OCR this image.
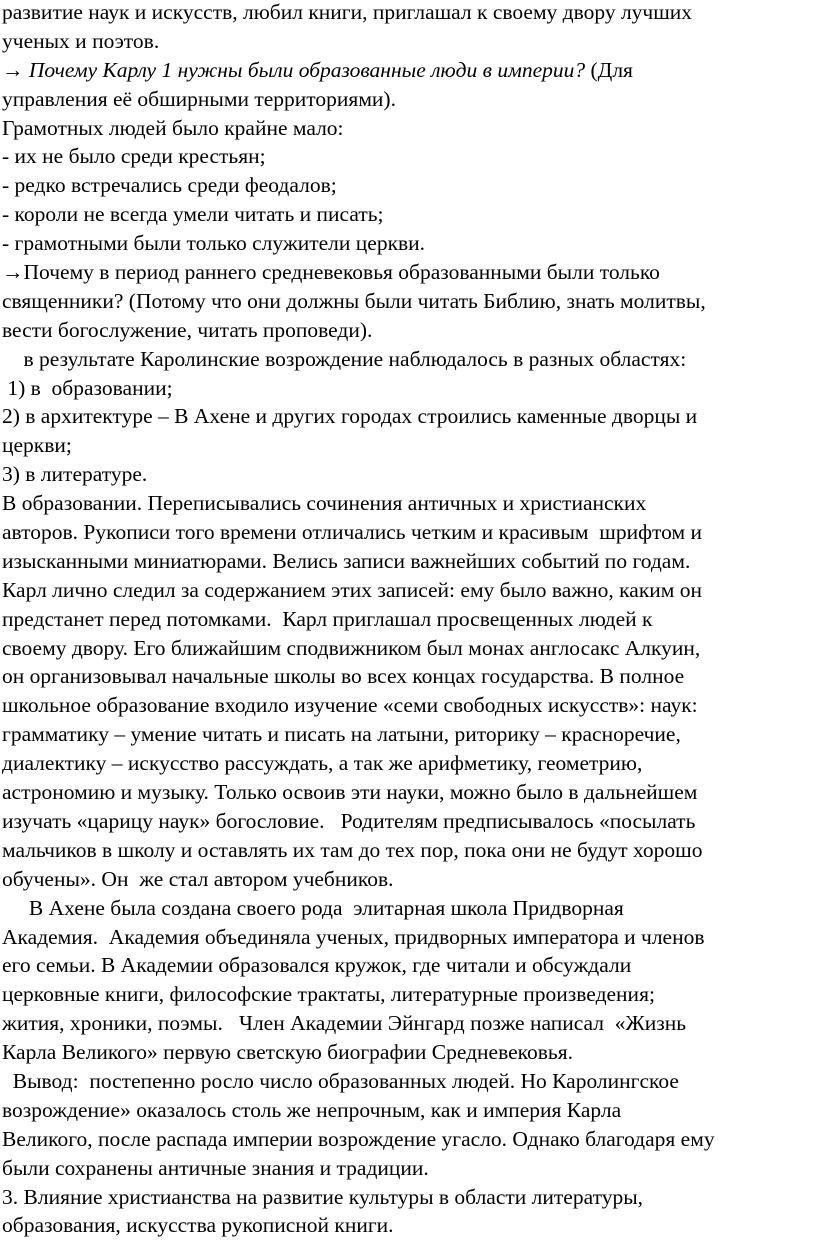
развитие наук и искусств, любил книги, приглашал к своему двору лучших
ученых и поэтов.
→ Почему Карлу 1 нужны были образованные люди в империи? (Для
управления её обширными территориями).
Грамотных людей было крайне мало:
- их не было среди крестьян;
- редко встречались среди феодалов;
- короли не всегда умели читать и писать;
- грамотными были только служители церкви.
→Почему в период раннего средневековья образованными были только
священники? (Потому что они должны были читать Библию, знать молитвы,
вести богослужение, читать проповеди).
в результате Каролинские возрождение наблюдалось в разных областях:
1) в  образовании;
2) в архитектуре – В Ахене и других городах строились каменные дворцы и
церкви;
3) в литературе.
В образовании. Переписывались сочинения античных и христианских
авторов. Рукописи того времени отличались четким и красивым  шрифтом и
изысканными миниатюрами. Велись записи важнейших событий по годам.
Карл лично следил за содержанием этих записей: ему было важно, каким он
предстанет перед потомками.  Карл приглашал просвещенных людей к
своему двору. Его ближайшим сподвижником был монах англосакс Алкуин,
он организовывал начальные школы во всех концах государства. В полное
школьное образование входило изучение «семи свободных искусств»: наук:
грамматику – умение читать и писать на латыни, риторику – красноречие,
диалектику – искусство рассуждать, а так же арифметику, геометрию,
астрономию и музыку. Только освоив эти науки, можно было в дальнейшем
изучать «царицу наук» богословие.   Родителям предписывалось «посылать
мальчиков в школу и оставлять их там до тех пор, пока они не будут хорошо
обучены». Он  же стал автором учебников.
В Ахене была создана своего рода  элитарная школа Придворная
Академия.  Академия объединяла ученых, придворных императора и членов
его семьи. В Академии образовался кружок, где читали и обсуждали
церковные книги, философские трактаты, литературные произведения;
жития, хроники, поэмы.   Член Академии Эйнгард позже написал  «Жизнь
Карла Великого» первую светскую биографии Средневековья.
Вывод:  постепенно росло число образованных людей. Но Каролингское
возрождение» оказалось столь же непрочным, как и империя Карла
Великого, после распада империи возрождение угасло. Однако благодаря ему
были сохранены античные знания и традиции.
3. Влияние христианства на развитие культуры в области литературы,
образования, искусства рукописной книги.
